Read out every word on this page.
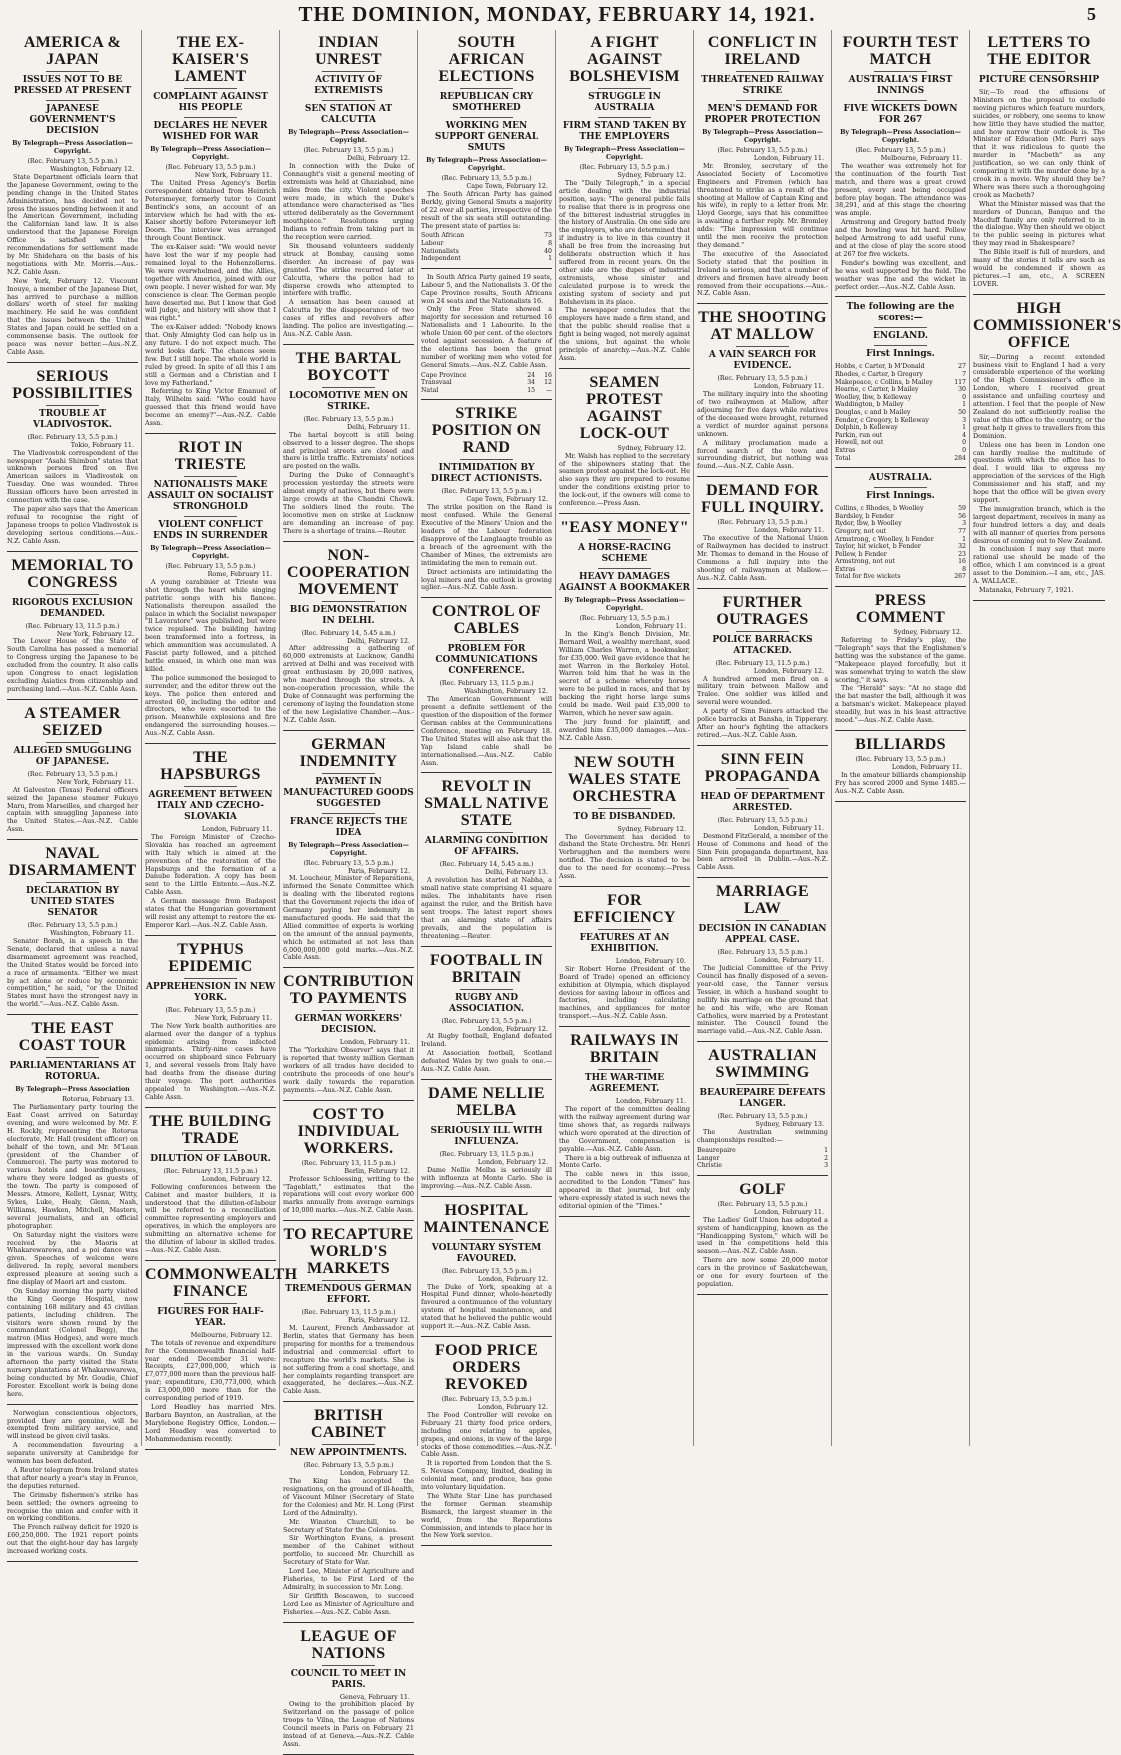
THE DOMINION, MONDAY, FEBRUARY 14, 1921.	5
AMERICA & JAPAN
ISSUES NOT TO BE PRESSED AT PRESENT
JAPANESE GOVERNMENT'S DECISION
By Telegraph—Press Association—Copyright.
(Rec. February 13, 5.5 p.m.)
Washington, February 12.
State Department officials learn that the Japanese Government, owing to the pending change in the United States Administration, has decided not to press the issues pending between it and the American Government, including the Californian land law. It is also understood that the Japanese Foreign Office is satisfied with the recommendations for settlement made by Mr. Shidehara on the basis of his negotiations with Mr. Morris.—Aus.-N.Z. Cable Assn.
New York, February 12. Viscount Inouye, a member of the Japanese Diet, has arrived to purchase a million dollars' worth of steel for making machinery. He said he was confident that the issues between the United States and Japan could be settled on a commonsense basis. The outlook for peace was never better.—Aus.-N.Z. Cable Assn.
SERIOUS POSSIBILITIES
TROUBLE AT VLADIVOSTOK.
(Rec. February 13, 5.5 p.m.)
Tokio, February 11.
The Vladivostok correspondent of the newspaper "Asahi Shimbun" states that unknown persons fired on five American sailors in Vladivostok on Tuesday. One was wounded. Three Russian officers have been arrested in connection with the case.
The paper also says that the American refusal to recognise the right of Japanese troops to police Vladivostok is developing serious conditions.—Aus.-N.Z. Cable Assn.
MEMORIAL TO CONGRESS
RIGOROUS EXCLUSION DEMANDED.
(Rec. February 13, 11.5 p.m.)
New York, February 12.
The Lower House of the State of South Carolina has passed a memorial to Congress urging the Japanese to be excluded from the country. It also calls upon Congress to enact legislation excluding Asiatics from citizenship and purchasing land.—Aus.-N.Z. Cable Assn.
A STEAMER SEIZED
ALLEGED SMUGGLING OF JAPANESE.
(Rec. February 13, 5.5 p.m.)
New York, February 11.
At Galveston (Texas) Federal officers seized the Japanese steamer Fukuyo Maru, from Marseilles, and charged her captain with smuggling Japanese into the United States.—Aus.-N.Z. Cable Assn.
NAVAL DISARMAMENT
DECLARATION BY UNITED STATES SENATOR
(Rec. February 13, 5.5 p.m.)
Washington, February 11.
Senator Borah, in a speech in the Senate, declared that unless a naval disarmament agreement was reached, the United States would be forced into a race of armaments. "Either we must by act alone or reduce by economic competition," he said, "or the United States must have the strongest navy in the world."—Aus.-N.Z. Cable Assn.
THE EAST COAST TOUR
PARLIAMENTARIANS AT ROTORUA.
By Telegraph—Press Association
Rotorua, February 13.
The Parliamentary party touring the East Coast arrived on Saturday evening, and were welcomed by Mr. F. H. Rockly, representing the Rotorua electorate, Mr. Hall (resident officer) on behalf of the town, and Mr. M'Lean (president of the Chamber of Commerce). The party was motored to various hotels and boardinghouses, where they were lodged as guests of the town. The party is composed of Messrs. Atmore, Kellett, Lysnar, Witty, Sykes, Luke, Healy, Glenn, Nash, Williams, Hawken, Mitchell, Masters, several journalists, and an official photographer.
On Saturday night the visitors were received by the Maoris at Whakarewarewa, and a poi dance was given. Speeches of welcome were delivered. In reply, several members expressed pleasure at seeing such a fine display of Maori art and custom.
On Sunday morning the party visited the King George Hospital, now containing 168 military and 45 civilian patients, including children. The visitors were shown round by the commandant (Colonel Begg), the matron (Miss Hodges), and were much impressed with the excellent work done in the various wards. On Sunday afternoon the party visited the State nursery plantations at Whakarewarewa, being conducted by Mr. Goudie, Chief Forester. Excellent work is being done here.
Norwegian conscientious objectors, provided they are genuine, will be exempted from military service, and will instead be given civil tasks.
A recommendation favouring a separate university at Cambridge for women has been defeated.
A Reuter telegram from Ireland states that after nearly a year's stay in France, the deputies returned.
The Grimsby fishermen's strike has been settled; the owners agreeing to recognise the union and confer with it on working conditions.
The French railway deficit for 1920 is £60,250,000. The 1921 report points out that the eight-hour day has largely increased working costs.
THE EX-KAISER'S LAMENT
COMPLAINT AGAINST HIS PEOPLE
DECLARES HE NEVER WISHED FOR WAR
By Telegraph—Press Association—Copyright.
(Rec. February 13, 5.5 p.m.)
New York, February 11.
The United Press Agency's Berlin correspondent obtained from Heinrich Petersmeyer, formerly tutor to Count Bentinck's sons, an account of an interview which he had with the ex-Kaiser shortly before Petersmeyer left Doorn. The interview was arranged through Count Bentinck.
The ex-Kaiser said: "We would never have lost the war if my people had remained loyal to the Hohenzollerns. We were overwhelmed, and the Allies, together with America, joined with our own people. I never wished for war. My conscience is clear. The German people have deserted me. But I know that God will judge, and history will show that I was right."
The ex-Kaiser added: "Nobody knows that. Only Almighty God can help us in any future. I do not expect much. The world looks dark. The chances seem few. But I still hope. The whole world is ruled by greed. In spite of all this I am still a German and a Christian and I love my Fatherland."
Referring to King Victor Emanuel of Italy, Wilhelm said: "Who could have guessed that this friend would have become an enemy?"—Aus.-N.Z. Cable Assn.
RIOT IN TRIESTE
NATIONALISTS MAKE ASSAULT ON SOCIALIST STRONGHOLD
VIOLENT CONFLICT ENDS IN SURRENDER
By Telegraph—Press Association—Copyright.
(Rec. February 13, 5.5 p.m.)
Rome, February 11.
A young carabinier at Trieste was shot through the heart while singing patriotic songs with his fiancee. Nationalists thereupon assailed the palace in which the Socialist newspaper "Il Lavoratore" was published, but were twice repulsed. The building having been transformed into a fortress, in which ammunition was accumulated. A Fascist party followed, and a pitched battle ensued, in which one man was killed.
The police summoned the besieged to surrender, and the editor threw out the keys. The police then entered and arrested 60, including the editor and directors, who were escorted to the prison. Meanwhile explosions and fire endangered the surrounding houses.—Aus.-N.Z. Cable Assn.
THE HAPSBURGS
AGREEMENT BETWEEN ITALY AND CZECHO-SLOVAKIA
London, February 11.
The Foreign Minister of Czecho-Slovakia has reached an agreement with Italy which is aimed at the prevention of the restoration of the Hapsburgs and the formation of a Danube federation. A copy has been sent to the Little Entente.—Aus.-N.Z. Cable Assn.
A German message from Budapest states that the Hungarian government will resist any attempt to restore the ex-Emperor Karl.—Aus.-N.Z. Cable Assn.
TYPHUS EPIDEMIC
APPREHENSION IN NEW YORK.
(Rec. February 13, 5.5 p.m.)
New York, February 11.
The New York health authorities are alarmed over the danger of a typhus epidemic arising from infected immigrants. Thirty-nine cases have occurred on shipboard since February 1, and several vessels from Italy have had deaths from the disease during their voyage. The port authorities appealed to Washington.—Aus.-N.Z. Cable Assn.
THE BUILDING TRADE
DILUTION OF LABOUR.
(Rec. February 13, 11.5 p.m.)
London, February 12.
Following conferences between the Cabinet and master builders, it is understood that the dilution-of-labour will be referred to a reconciliation committee representing employers and operatives, in which the employers are submitting an alternative scheme for the dilution of labour in skilled trades.—Aus.-N.Z. Cable Assn.
COMMONWEALTH FINANCE
FIGURES FOR HALF-YEAR.
Melbourne, February 12.
The totals of revenue and expenditure for the Commonwealth financial half-year ended December 31 were: Receipts, £27,000,000, which is £7,077,000 more than the previous half-year; expenditure, £30,773,000, which is £3,000,000 more than for the corresponding period of 1919.
Lord Headley has married Mrs. Barbara Baynton, an Australian, at the Marylebone Registry Office, London.—Lord Headley was converted to Mohammedanism recently.
INDIAN UNREST
ACTIVITY OF EXTREMISTS
SEN STATION AT CALCUTTA
By Telegraph—Press Association—Copyright.
(Rec. February 13, 5.5 p.m.)
Delhi, February 12.
In connection with the Duke of Connaught's visit a general meeting of extremists was held at Ghaziabad, nine miles from the city. Violent speeches were made, in which the Duke's attendance were characterised as "lies uttered deliberately as the Government mouthpiece." Resolutions urging Indians to refrain from taking part in the reception were carried.
Six thousand volunteers suddenly struck at Bombay, causing some disorder. An increase of pay was granted. The strike recurred later at Calcutta, where the police had to disperse crowds who attempted to interfere with traffic.
A sensation has been caused at Calcutta by the disappearance of two cases of rifles and revolvers after landing. The police are investigating.—Aus.-N.Z. Cable Assn.
THE BARTAL BOYCOTT
LOCOMOTIVE MEN ON STRIKE.
(Rec. February 13, 5.5 p.m.)
Delhi, February 11.
The hartal boycott is still being observed to a lesser degree. The shops and principal streets are closed and there is little traffic. Extremists' notices are posted on the walls.
During the Duke of Connaught's procession yesterday the streets were almost empty of natives, but there were large crowds at the Chandni Chowk. The soldiers lined the route. The locomotive men on strike at Lucknow are demanding an increase of pay. There is a shortage of trains.—Reuter.
NON-COOPERATION MOVEMENT
BIG DEMONSTRATION IN DELHI.
(Rec. February 14, 5.45 a.m.)
Delhi, February 12.
After addressing a gathering of 60,000 extremists at Lucknow, Gandhi arrived at Delhi and was received with great enthusiasm by 20,000 natives, who marched through the streets. A non-cooperation procession, while the Duke of Connaught was performing the ceremony of laying the foundation stone of the new Legislative Chamber.—Aus.-N.Z. Cable Assn.
GERMAN INDEMNITY
PAYMENT IN MANUFACTURED GOODS SUGGESTED
FRANCE REJECTS THE IDEA
By Telegraph—Press Association—Copyright.
(Rec. February 13, 5.5 p.m.)
Paris, February 12.
M. Loucheur, Minister of Reparations, informed the Senate Committee which is dealing with the liberated regions that the Government rejects the idea of Germany paying her indemnity in manufactured goods. He said that the Allied committee of experts is working on the amount of the annual payments, which he estimated at not less than 6,000,000,000 gold marks.—Aus.-N.Z. Cable Assn.
CONTRIBUTION TO PAYMENTS
GERMAN WORKERS' DECISION.
London, February 11.
The "Yorkshire Observer" says that it is reported that twenty million German workers of all trades have decided to contribute the proceeds of one hour's work daily towards the reparation payments.—Aus.-N.Z. Cable Assn.
COST TO INDIVIDUAL WORKERS.
(Rec. February 13, 11.5 p.m.)
Berlin, February 12.
Professor Schloessing, writing to the "Tageblatt," estimates that the reparations will cost every worker 600 marks annually from average earnings of 10,000 marks.—Aus.-N.Z. Cable Assn.
TO RECAPTURE WORLD'S MARKETS
TREMENDOUS GERMAN EFFORT.
(Rec. February 13, 11.5 p.m.)
Paris, February 12.
M. Laurent, French Ambassador at Berlin, states that Germany has been preparing for months for a tremendous industrial and commercial effort to recapture the world's markets. She is not suffering from a coal shortage, and her complaints regarding transport are exaggerated, he declares.—Aus.-N.Z. Cable Assn.
BRITISH CABINET
NEW APPOINTMENTS.
(Rec. February 13, 5.5 p.m.)
London, February 12.
The King has accepted the resignations, on the ground of ill-health, of Viscount Milner (Secretary of State for the Colonies) and Mr. H. Long (First Lord of the Admiralty).
Mr. Winston Churchill, to be Secretary of State for the Colonies.
Sir Worthington Evans, a present member of the Cabinet without portfolio, to succeed Mr. Churchill as Secretary of State for War.
Lord Lee, Minister of Agriculture and Fisheries, to be First Lord of the Admiralty, in succession to Mr. Long.
Sir Griffith Boscawen, to succeed Lord Lee as Minister of Agriculture and Fisheries.—Aus.-N.Z. Cable Assn.
LEAGUE OF NATIONS
COUNCIL TO MEET IN PARIS.
Geneva, February 11.
Owing to the prohibition placed by Switzerland on the passage of police troops to Vilna, the League of Nations Council meets in Paris on February 21 instead of at Geneva.—Aus.-N.Z. Cable Assn.
SOUTH AFRICAN ELECTIONS
REPUBLICAN CRY SMOTHERED
WORKING MEN SUPPORT GENERAL SMUTS
By Telegraph—Press Association—Copyright.
(Rec. February 13, 5.5 p.m.)
Cape Town, February 12.
The South African Party has gained Berkly, giving General Smuts a majority of 22 over all parties, irrespective of the result of the six seats still outstanding. The present state of parties is:
South African	73
Labour	8
Nationalists	40
Independent	1
In South Africa Party gained 19 seats, Labour 5, and the Nationalists 3. Of the Cape Province results, South Africans won 24 seats and the Nationalists 16.
Only the Free State showed a majority for secession and returned 16 Nationalists and 1 Labourite. In the whole Union 60 per cent. of the electors voted against secession. A feature of the elections has been the great number of working men who voted for General Smuts.—Aus.-N.Z. Cable Assn.
Cape Province	24	16
Transvaal	34	12
Natal	15	—
STRIKE POSITION ON RAND
INTIMIDATION BY DIRECT ACTIONISTS.
(Rec. February 13, 5.5 p.m.)
Cape Town, February 12.
The strike position on the Rand is most confused. While the General Executive of the Miners' Union and the leaders of the Labour federation disapprove of the Langlaagte trouble as a breach of the agreement with the Chamber of Mines, the extremists are intimidating the men to remain out.
Direct actionists are intimidating the loyal miners and the outlook is growing uglier.—Aus.-N.Z. Cable Assn.
CONTROL OF CABLES
PROBLEM FOR COMMUNICATIONS CONFERENCE.
(Rec. February 13, 11.5 p.m.)
Washington, February 12.
The American Government will present a definite settlement of the question of the disposition of the former German cables at the Communications Conference, meeting on February 18. The United States will also ask that the Yap Island cable shall be internationalised.—Aus.-N.Z. Cable Assn.
REVOLT IN SMALL NATIVE STATE
ALARMING CONDITION OF AFFAIRS.
(Rec. February 14, 5.45 a.m.)
Delhi, February 13.
A revolution has started at Nabha, a small native state comprising 41 square miles. The inhabitants have risen against the ruler, and the British have sent troops. The latest report shows that an alarming state of affairs prevails, and the population is threatening.—Reuter.
FOOTBALL IN BRITAIN
RUGBY AND ASSOCIATION.
(Rec. February 13, 5.5 p.m.)
London, February 12.
At Rugby football, England defeated Ireland.
At Association football, Scotland defeated Wales by two goals to one.—Aus.-N.Z. Cable Assn.
DAME NELLIE MELBA
SERIOUSLY ILL WITH INFLUENZA.
(Rec. February 13, 11.5 p.m.)
London, February 12.
Dame Nellie Melba is seriously ill with influenza at Monte Carlo. She is improving.—Aus.-N.Z. Cable Assn.
HOSPITAL MAINTENANCE
VOLUNTARY SYSTEM FAVOURED.
(Rec. February 13, 5.5 p.m.)
London, February 12.
The Duke of York, speaking at a Hospital Fund dinner, whole-heartedly favoured a continuance of the voluntary system of hospital maintenance, and stated that he believed the public would support it.—Aus.-N.Z. Cable Assn.
FOOD PRICE ORDERS REVOKED
(Rec. February 13, 5.5 p.m.)
London, February 12.
The Food Controller will revoke on February 21 thirty food price orders, including one relating to apples, grapes, and onions, in view of the large stocks of those commodities.—Aus.-N.Z. Cable Assn.
It is reported from London that the S. S. Nevasa Company, limited, dealing in colonial meat, and produce, has gone into voluntary liquidation.
The White Star Line has purchased the former German steamship Bismarck, the largest steamer in the world, from the Reparations Commission, and intends to place her in the New York service.
A FIGHT AGAINST BOLSHEVISM
STRUGGLE IN AUSTRALIA
FIRM STAND TAKEN BY THE EMPLOYERS
By Telegraph—Press Association—Copyright.
(Rec. February 13, 5.5 p.m.)
Sydney, February 12.
The "Daily Telegraph," in a special article dealing with the industrial position, says: "The general public fails to realise that there is in progress one of the bitterest industrial struggles in the history of Australia. On one side are the employers, who are determined that if industry is to live in this country it shall be free from the increasing but deliberate obstruction which it has suffered from in recent years. On the other side are the dupes of industrial extremists, whose sinister and calculated purpose is to wreck the existing system of society and put Bolshevism in its place.
The newspaper concludes that the employers have made a firm stand, and that the public should realise that a fight is being waged, not merely against the unions, but against the whole principle of anarchy.—Aus.-N.Z. Cable Assn.
SEAMEN PROTEST AGAINST LOCK-OUT
Sydney, February 12.
Mr. Walsh has replied to the secretary of the shipowners stating that the seamen protest against the lock-out. He also says they are prepared to resume under the conditions existing prior to the lock-out, if the owners will come to conference.—Press Assn.
"EASY MONEY"
A HORSE-RACING SCHEME
HEAVY DAMAGES AGAINST A BOOKMAKER
By Telegraph—Press Association—Copyright.
(Rec. February 13, 5.5 p.m.)
London, February 11.
In the King's Bench Division, Mr. Bernard Weil, a wealthy merchant, sued William Charles Warren, a bookmaker, for £35,000. Weil gave evidence that he met Warren in the Berkeley Hotel. Warren told him that he was in the secret of a scheme whereby horses were to be pulled in races, and that by backing the right horse large sums could be made. Weil paid £35,000 to Warren, which he never saw again.
The jury found for plaintiff, and awarded him £35,000 damages.—Aus.-N.Z. Cable Assn.
NEW SOUTH WALES STATE ORCHESTRA
TO BE DISBANDED.
Sydney, February 12.
The Government has decided to disband the State Orchestra. Mr. Henri Verbrugghen and the members were notified. The decision is stated to be due to the need for economy.—Press Assn.
FOR EFFICIENCY
FEATURES AT AN EXHIBITION.
London, February 10.
Sir Robert Horne (President of the Board of Trade) opened an efficiency exhibition at Olympia, which displayed devices for saving labour in offices and factories, including calculating machines, and appliances for motor transport.—Aus.-N.Z. Cable Assn.
RAILWAYS IN BRITAIN
THE WAR-TIME AGREEMENT.
London, February 11.
The report of the committee dealing with the railway agreement during war time shows that, as regards railways which were operated at the direction of the Government, compensation is payable.—Aus.-N.Z. Cable Assn.
There is a big outbreak of influenza at Monte Carlo.
The cable news in this issue, accredited to the London "Times" has appeared in that journal, but only where expressly stated is such news the editorial opinion of the "Times."
CONFLICT IN IRELAND
THREATENED RAILWAY STRIKE
MEN'S DEMAND FOR PROPER PROTECTION
By Telegraph—Press Association—Copyright.
(Rec. February 13, 5.5 p.m.)
London, February 11.
Mr. Bromley, secretary of the Associated Society of Locomotive Engineers and Firemen (which has threatened to strike as a result of the shooting at Mallow of Captain King and his wife), in reply to a letter from Mr. Lloyd George, says that his committee is awaiting a further reply. Mr. Bromley adds: "The impression will continue until the men receive the protection they demand."
The executive of the Associated Society stated that the position in Ireland is serious, and that a number of drivers and firemen have already been removed from their occupations.—Aus.-N.Z. Cable Assn.
THE SHOOTING AT MALLOW
A VAIN SEARCH FOR EVIDENCE.
(Rec. February 13, 5.5 p.m.)
London, February 11.
The military inquiry into the shooting of two railwaymen at Mallow, after adjourning for five days while relatives of the deceased were brought, returned a verdict of murder against persons unknown.
A military proclamation made a forced search of the town and surrounding district, but nothing was found.—Aus.-N.Z. Cable Assn.
DEMAND FOR FULL INQUIRY.
(Rec. February 13, 5.5 p.m.)
London, February 11.
The executive of the National Union of Railwaymen has decided to instruct Mr. Thomas to demand in the House of Commons a full inquiry into the shooting of railwaymen at Mallow.—Aus.-N.Z. Cable Assn.
FURTHER OUTRAGES
POLICE BARRACKS ATTACKED.
(Rec. February 13, 11.5 p.m.)
London, February 12.
A hundred armed men fired on a military train between Mallow and Tralee. One soldier was killed and several were wounded.
A party of Sinn Feiners attacked the police barracks at Bansha, in Tipperary. After an hour's fighting the attackers retired.—Aus.-N.Z. Cable Assn.
SINN FEIN PROPAGANDA
HEAD OF DEPARTMENT ARRESTED.
(Rec. February 13, 5.5 p.m.)
London, February 11.
Desmond FitzGerald, a member of the House of Commons and head of the Sinn Fein propaganda department, has been arrested in Dublin.—Aus.-N.Z. Cable Assn.
MARRIAGE LAW
DECISION IN CANADIAN APPEAL CASE.
(Rec. February 13, 5.5 p.m.)
London, February 11.
The Judicial Committee of the Privy Council has finally disposed of a seven-year-old case, the Tanner versus Tessier, in which a husband sought to nullify his marriage on the ground that he and his wife, who are Roman Catholics, were married by a Protestant minister. The Council found the marriage valid.—Aus.-N.Z. Cable Assn.
AUSTRALIAN SWIMMING
BEAUREPAIRE DEFEATS LANGER.
(Rec. February 13, 5.5 p.m.)
Sydney, February 13.
The Australian swimming championships resulted:—
Beaurepaire	1
Langer	2
Christie	3
GOLF
(Rec. February 13, 5.5 p.m.)
London, February 11.
The Ladies' Golf Union has adopted a system of handicapping, known as the "Handicapping System," which will be used in the competitions held this season.—Aus.-N.Z. Cable Assn.
There are now some 20,000 motor cars in the province of Saskatchewan, or one for every fourteen of the population.
FOURTH TEST MATCH
AUSTRALIA'S FIRST INNINGS
FIVE WICKETS DOWN FOR 267
By Telegraph—Press Association—Copyright.
(Rec. February 13, 5.5 p.m.)
Melbourne, February 11.
The weather was extremely hot for the continuation of the fourth Test match, and there was a great crowd present, every seat being occupied before play began. The attendance was 38,291, and at this stage the cheering was ample.
Armstrong and Gregory batted freely and the bowling was hit hard. Pellew helped Armstrong to add useful runs, and at the close of play the score stood at 267 for five wickets.
Fender's bowling was excellent, and he was well supported by the field. The weather was fine and the wicket in perfect order.—Aus.-N.Z. Cable Assn.
The following are the scores:—
ENGLAND.
First Innings.
Hobbs, c Carter, b M'Donald	27
Rhodes, c Carter, b Gregory	7
Makepeace, c Collins, b Mailey	117
Hearne, c Carter, b Mailey	30
Woolley, lbw, b Kelleway	0
Waddington, b Mailey	1
Douglas, c and b Mailey	50
Fender, c Gregory, b Kelleway	3
Dolphin, b Kelleway	1
Parkin, run out	4
Howell, not out	0
Extras	0
Total	284
AUSTRALIA.
First Innings.
Collins, c Rhodes, b Woolley	59
Bardsley, b Fender	56
Ryder, lbw, b Woolley	3
Gregory, not out	77
Armstrong, c Woolley, b Fender	1
Taylor, hit wicket, b Fender	32
Pellew, b Fender	23
Armstrong, not out	16
Extras	8
Total for five wickets	267
PRESS COMMENT
Sydney, February 12.
Referring to Friday's play, the "Telegraph" says that the Englishmen's batting was the substance of the game. "Makepeace played forcefully, but it was somewhat trying to watch the slow scoring," it says.
The "Herald" says: "At no stage did the bat master the ball, although it was a batsman's wicket. Makepeace played steadily, but was in his least attractive mood."—Aus.-N.Z. Cable Assn.
BILLIARDS
(Rec. February 13, 5.5 p.m.)
London, February 11.
In the amateur billiards championship Fry has scored 2000 and Syme 1485.—Aus.-N.Z. Cable Assn.
LETTERS TO THE EDITOR
PICTURE CENSORSHIP
Sir,—To read the effusions of Ministers on the proposal to exclude moving pictures which feature murders, suicides, or robbery, one seems to know how little they have studied the matter, and how narrow their outlook is. The Minister of Education (Mr. Parr) says that it was ridiculous to quote the murder in "Macbeth" as any justification, so we can only think of comparing it with the murder done by a crook in a movie. Why should they be? Where was there such a thoroughgoing crook as Macbeth?
What the Minister missed was that the murders of Duncan, Banquo and the Macduff family are only referred to in the dialogue. Why then should we object to the public seeing in pictures what they may read in Shakespeare?
The Bible itself is full of murders, and many of the stories it tells are such as would be condemned if shown as pictures.—I am, etc., A SCREEN LOVER.
HIGH COMMISSIONER'S OFFICE
Sir,—During a recent extended business visit to England I had a very considerable experience of the working of the High Commissioner's office in London, where I received great assistance and unfailing courtesy and attention. I feel that the people of New Zealand do not sufficiently realise the value of this office to the country, or the great help it gives to travellers from this Dominion.
Unless one has been in London one can hardly realise the multitude of questions with which the office has to deal. I would like to express my appreciation of the services of the High Commissioner and his staff, and my hope that the office will be given every support.
The immigration branch, which is the largest department, receives in many as four hundred letters a day, and deals with all manner of queries from persons desirous of coming out to New Zealand.
In conclusion I may say that more rational use should be made of the office, which I am convinced is a great asset to the Dominion.—I am, etc., JAS. A. WALLACE.
Matanaka, February 7, 1921.
